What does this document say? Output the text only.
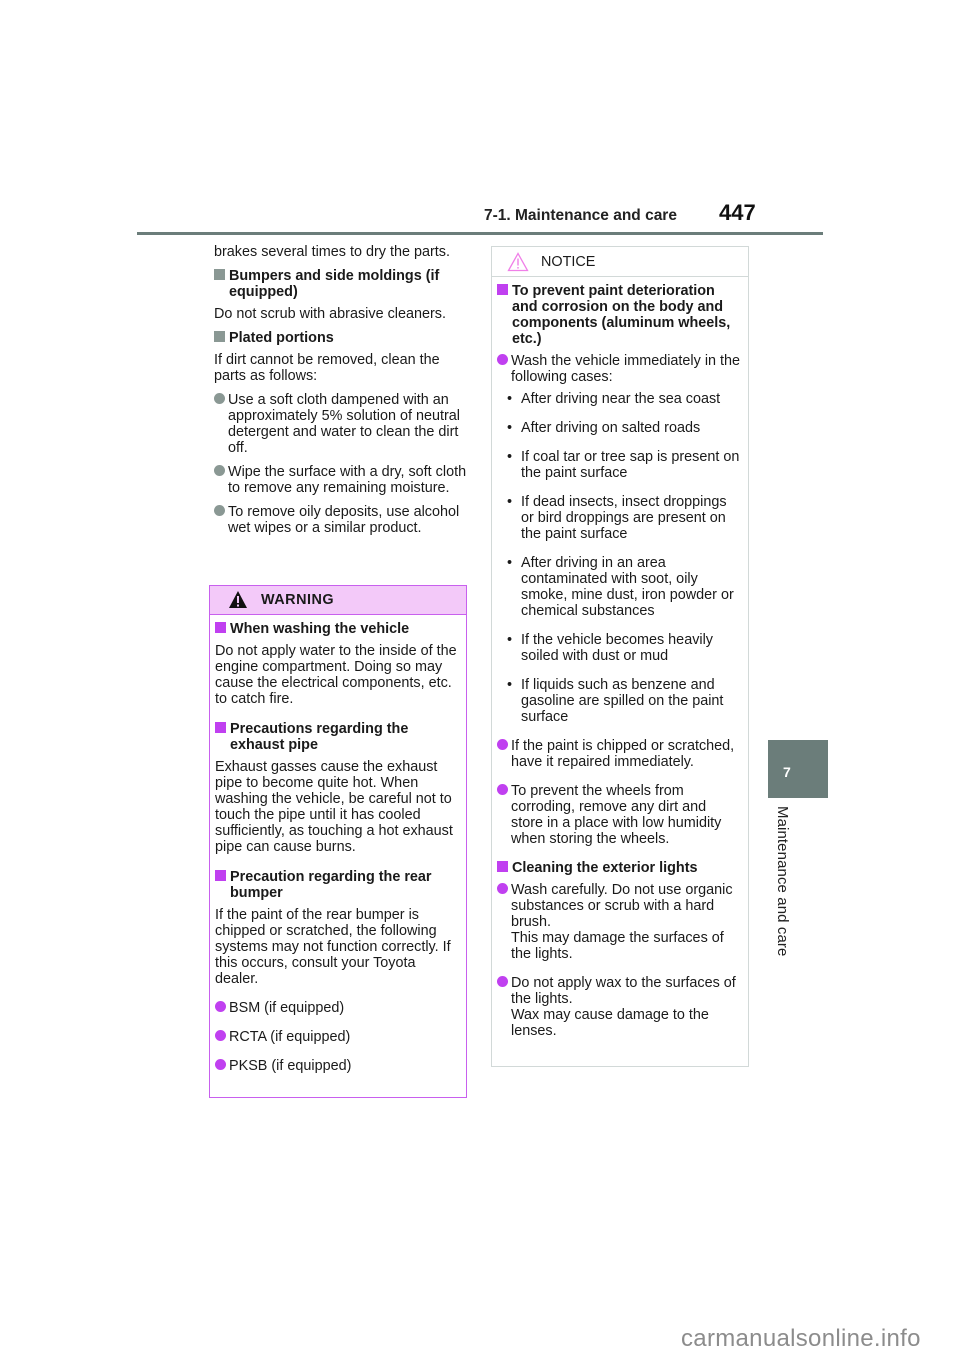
7-1. Maintenance and care 447
7
Maintenance and care

brakes several times to dry the parts.

Bumpers and side moldings (if equipped)

Do not scrub with abrasive cleaners.

Plated portions

If dirt cannot be removed, clean the parts as follows:

Use a soft cloth dampened with an approximately 5% solution of neutral detergent and water to clean the dirt off.
Wipe the surface with a dry, soft cloth to remove any remaining moisture.
To remove oily deposits, use alcohol wet wipes or a similar product.
WARNING
When washing the vehicle

Do not apply water to the inside of the engine compartment. Doing so may cause the electrical components, etc. to catch fire.

Precautions regarding the exhaust pipe

Exhaust gasses cause the exhaust pipe to become quite hot. When washing the vehicle, be careful not to touch the pipe until it has cooled sufficiently, as touching a hot exhaust pipe can cause burns.

Precaution regarding the rear bumper

If the paint of the rear bumper is chipped or scratched, the following systems may not function correctly. If this occurs, consult your Toyota dealer.

BSM (if equipped)
RCTA (if equipped)
PKSB (if equipped)
NOTICE
To prevent paint deterioration and corrosion on the body and components (aluminum wheels, etc.)
Wash the vehicle immediately in the following cases:
• After driving near the sea coast
• After driving on salted roads
• If coal tar or tree sap is present on the paint surface
• If dead insects, insect droppings or bird droppings are present on the paint surface
• After driving in an area contaminated with soot, oily smoke, mine dust, iron powder or chemical substances
• If the vehicle becomes heavily soiled with dust or mud
• If liquids such as benzene and gasoline are spilled on the paint surface
If the paint is chipped or scratched, have it repaired immediately.
To prevent the wheels from corroding, remove any dirt and store in a place with low humidity when storing the wheels.
Cleaning the exterior lights
Wash carefully. Do not use organic substances or scrub with a hard brush.
This may damage the surfaces of the lights.
Do not apply wax to the surfaces of the lights.
Wax may cause damage to the lenses.
carmanualsonline.info
